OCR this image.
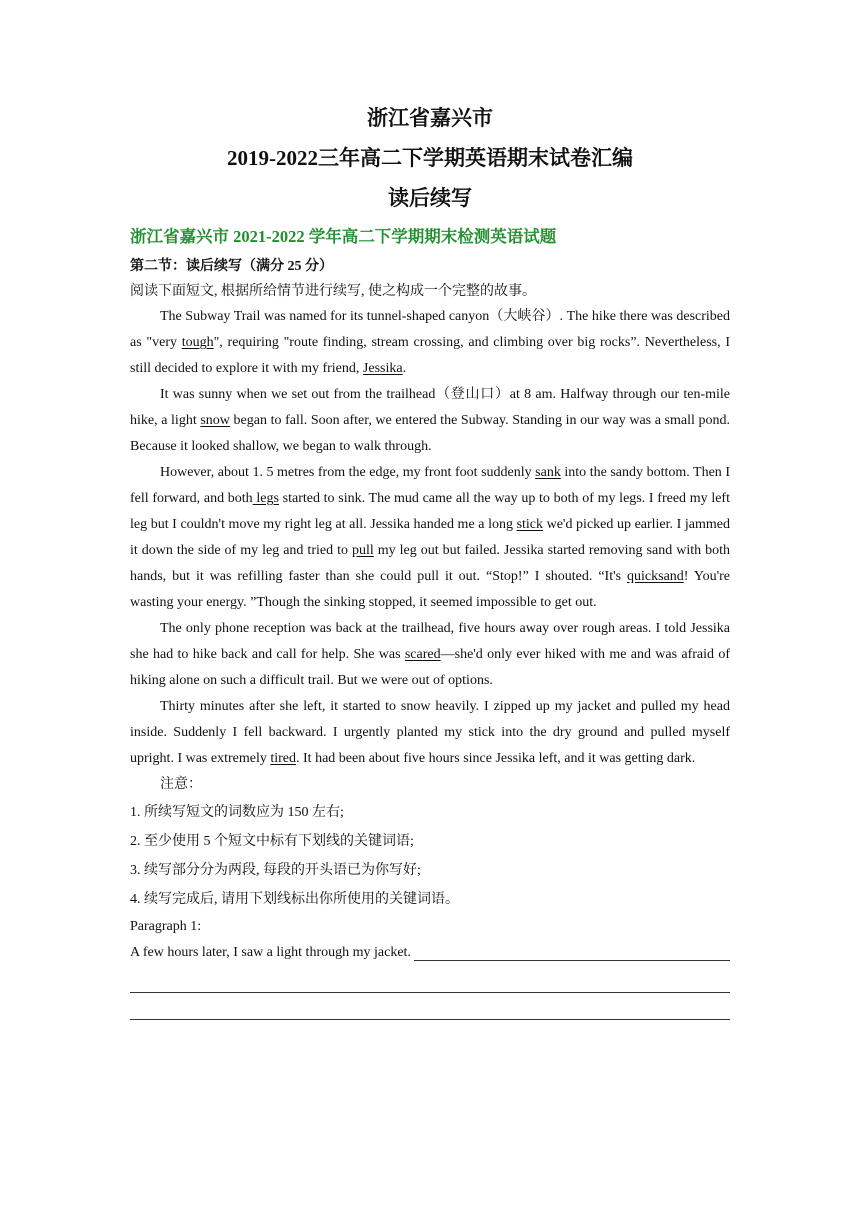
浙江省嘉兴市
2019-2022三年高二下学期英语期末试卷汇编
读后续写
浙江省嘉兴市 2021-2022 学年高二下学期期末检测英语试题
第二节：读后续写（满分 25 分）
阅读下面短文, 根据所给情节进行续写, 使之构成一个完整的故事。

The Subway Trail was named for its tunnel-shaped canyon（大峡谷）. The hike there was described as "very tough", requiring "route finding, stream crossing, and climbing over big rocks”. Nevertheless, I still decided to explore it with my friend, Jessika.

It was sunny when we set out from the trailhead（登山口）at 8 am. Halfway through our ten-mile hike, a light snow began to fall. Soon after, we entered the Subway. Standing in our way was a small pond. Because it looked shallow, we began to walk through.

However, about 1. 5 metres from the edge, my front foot suddenly sank into the sandy bottom. Then I fell forward, and both legs started to sink. The mud came all the way up to both of my legs. I freed my left leg but I couldn't move my right leg at all. Jessika handed me a long stick we'd picked up earlier. I jammed it down the side of my leg and tried to pull my leg out but failed. Jessika started removing sand with both hands, but it was refilling faster than she could pull it out. “Stop!” I shouted. “It's quicksand! You're wasting your energy. ”Though the sinking stopped, it seemed impossible to get out.

The only phone reception was back at the trailhead, five hours away over rough areas. I told Jessika she had to hike back and call for help. She was scared—she'd only ever hiked with me and was afraid of hiking alone on such a difficult trail. But we were out of options.

Thirty minutes after she left, it started to snow heavily. I zipped up my jacket and pulled my head inside. Suddenly I fell backward. I urgently planted my stick into the dry ground and pulled myself upright. I was extremely tired. It had been about five hours since Jessika left, and it was getting dark.

注意：

1. 所续写短文的词数应为 150 左右;

2. 至少使用 5 个短文中标有下划线的关键词语;

3. 续写部分分为两段, 每段的开头语已为你写好;

4. 续写完成后, 请用下划线标出你所使用的关键词语。

Paragraph 1:

A few hours later, I saw a light through my jacket.
